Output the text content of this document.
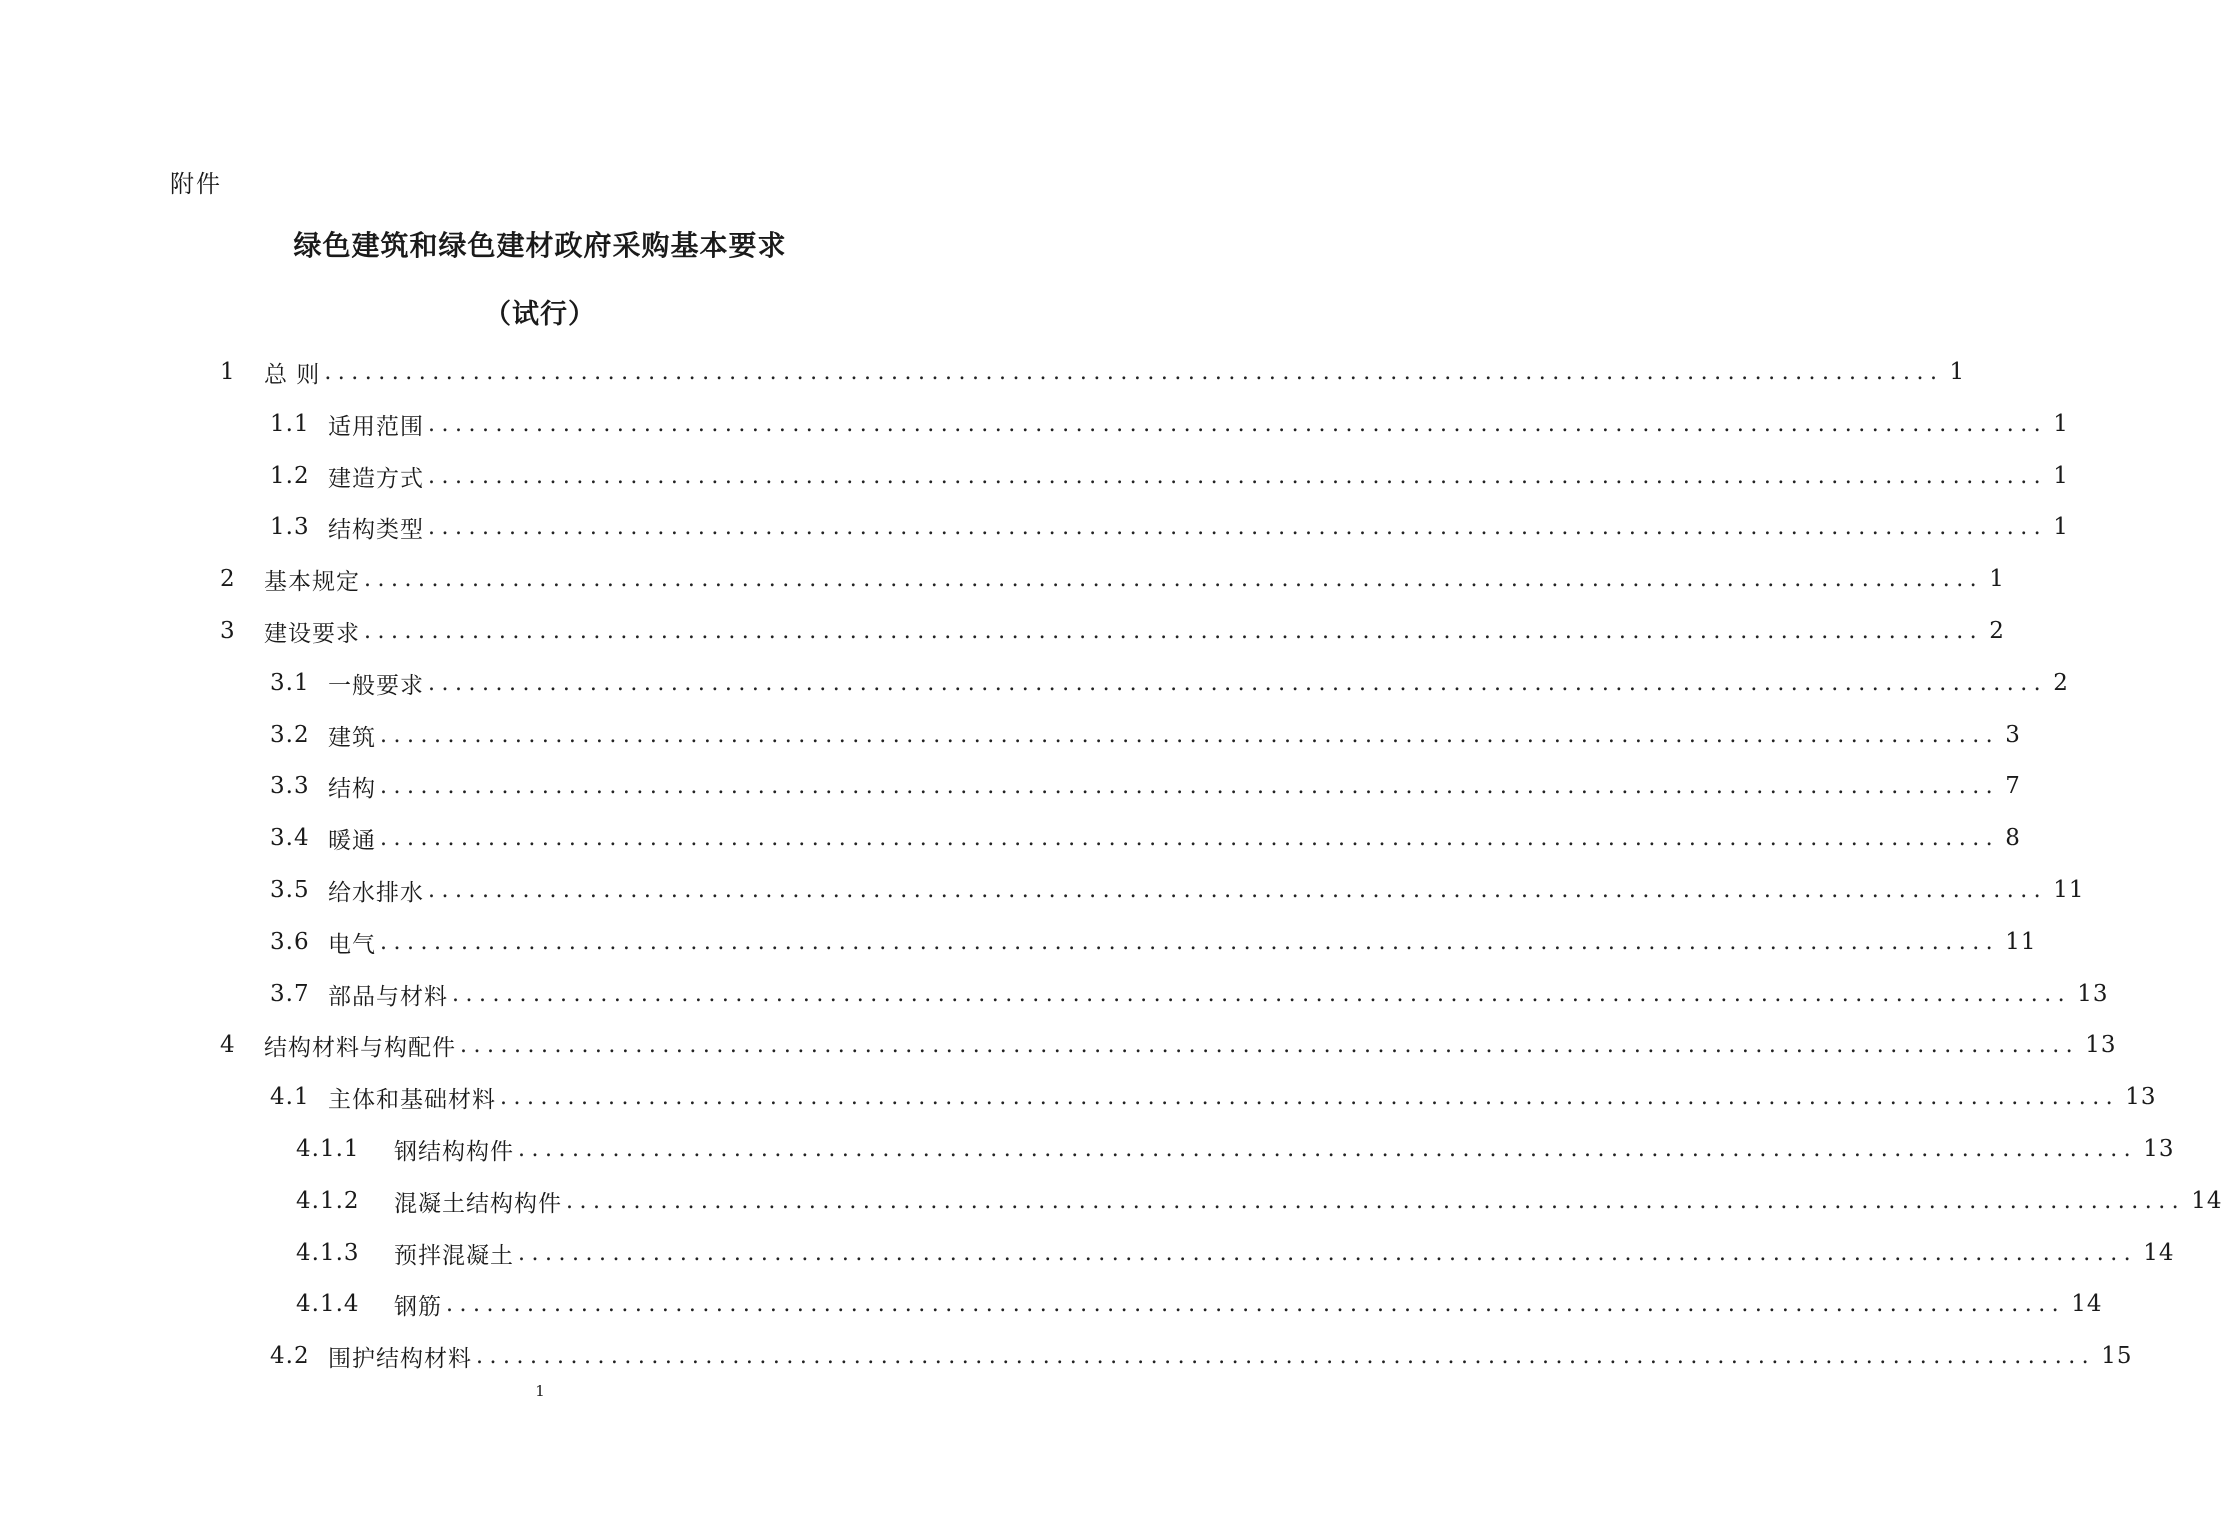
附件
绿色建筑和绿色建材政府采购基本要求
（试行）
1	总 则 ........................................................................................................................ 1
1.1 适用范围 ........................................................................................................................ 1
1.2 建造方式 ........................................................................................................................ 1
1.3 结构类型 ........................................................................................................................ 1
2	基本规定 ........................................................................................................................ 1
3	建设要求 ........................................................................................................................ 2
3.1 一般要求 ........................................................................................................................ 2
3.2 建筑 ........................................................................................................................ 3
3.3 结构 ........................................................................................................................ 7
3.4 暖通 ........................................................................................................................ 8
3.5 给水排水 ........................................................................................................................ 11
3.6 电气 ........................................................................................................................ 11
3.7 部品与材料 ........................................................................................................................ 13
4	结构材料与构配件 ........................................................................................................................ 13
4.1 主体和基础材料 ........................................................................................................................ 13
4.1.1	钢结构构件 ........................................................................................................................ 13
4.1.2	混凝土结构构件 ........................................................................................................................ 14
4.1.3	预拌混凝土 ........................................................................................................................ 14
4.1.4	钢筋 ........................................................................................................................ 14
4.2 围护结构材料 ........................................................................................................................ 15
1
